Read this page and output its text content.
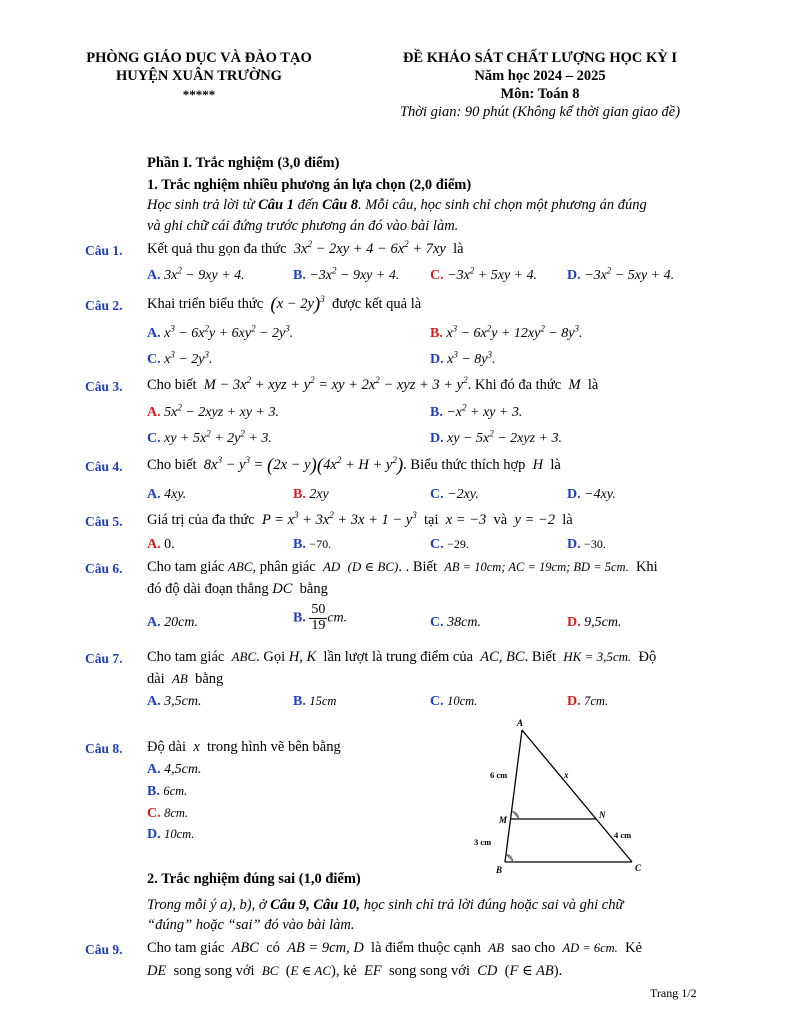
PHÒNG GIÁO DỤC VÀ ĐÀO TẠO
HUYỆN XUÂN TRƯỜNG
*****
ĐỀ KHẢO SÁT CHẤT LƯỢNG HỌC KỲ I
Năm học 2024 – 2025
Môn: Toán 8
Thời gian: 90 phút (Không kể thời gian giao đề)
Phần I. Trắc nghiệm (3,0 điểm)
1. Trắc nghiệm nhiều phương án lựa chọn (2,0 điểm)
Học sinh trả lời từ Câu 1 đến Câu 8. Mỗi câu, học sinh chỉ chọn một phương án đúng
và ghi chữ cái đứng trước phương án đó vào bài làm.
Câu 1. Kết quả thu gọn đa thức $3x^2 - 2xy + 4 - 6x^2 + 7xy$ là
A. $3x^2 - 9xy + 4$.	B. $-3x^2 - 9xy + 4$. C. $-3x^2 + 5xy + 4$. D. $-3x^2 - 5xy + 4$.
Câu 2. Khai triển biểu thức $(x - 2y)^3$ được kết quả là
A. $x^3 - 6x^2y + 6xy^2 - 2y^3$.	B. $x^3 - 6x^2y + 12xy^2 - 8y^3$.
C. $x^3 - 2y^3$.	D. $x^3 - 8y^3$.
Câu 3. Cho biết $M - 3x^2$ + xyz + $y^2$ = xy + $2x^2$ − xyz + $3 + y^2$. Khi đó đa thức M là
A. $5x^2 - 2xyz$ + xy + 3.	B. $-x^2$ + xy + 3.
C. xy + $5x^2 + 2y^2 + 3$.	D. xy − $5x^2 - 2xyz + 3$.
Câu 4. Cho biết $8x^3 - y^3 = (2x - y)(4x^2 + H + y^2)$. Biểu thức thích hợp H là
A. 4xy.	B. 2xy	C. −2xy.	D. −4xy.
Câu 5. Giá trị của đa thức $P = x^3 + 3x^2 + 3x + 1 - y^3$ tại x = −3 và y = −2 là
A. 0.	B. −70.	C. −29.	D. −30.
Câu 6. Cho tam giác ABC, phân giác AD (D ∈ BC). . Biết AB = 10cm; AC = 19cm; BD = 5cm. Khi
đó độ dài đoạn thẳng DC bằng
A. 20cm.	B. $\frac{50}{19}$ cm.	C. 38cm.	D. 9,5cm.
Câu 7. Cho tam giác ABC. Gọi H, K lần lượt là trung điểm của AC, BC. Biết HK = 3,5cm. Độ
dài AB bằng
A. 3,5cm.	B. 15cm	C. 10cm.	D. 7cm.
Câu 8. Độ dài x trong hình vẽ bên bằng
A. 4,5cm.
B. 6cm.
C. 8cm.
D. 10cm.
A
B	C
M	N
6 cm
3 cm
4 cm
x
2. Trắc nghiệm đúng sai (1,0 điểm)
Trong mỗi ý a), b), ở Câu 9, Câu 10, học sinh chỉ trả lời đúng hoặc sai và ghi chữ
“đúng” hoặc “sai” đó vào bài làm.
Câu 9. Cho tam giác ABC có AB = 9cm, D là điểm thuộc cạnh AB sao cho AD = 6cm. Kẻ
DE song song với BC  (E ∈ AC), kẻ EF song song với CD  (F ∈ AB).
Trang 1/2
